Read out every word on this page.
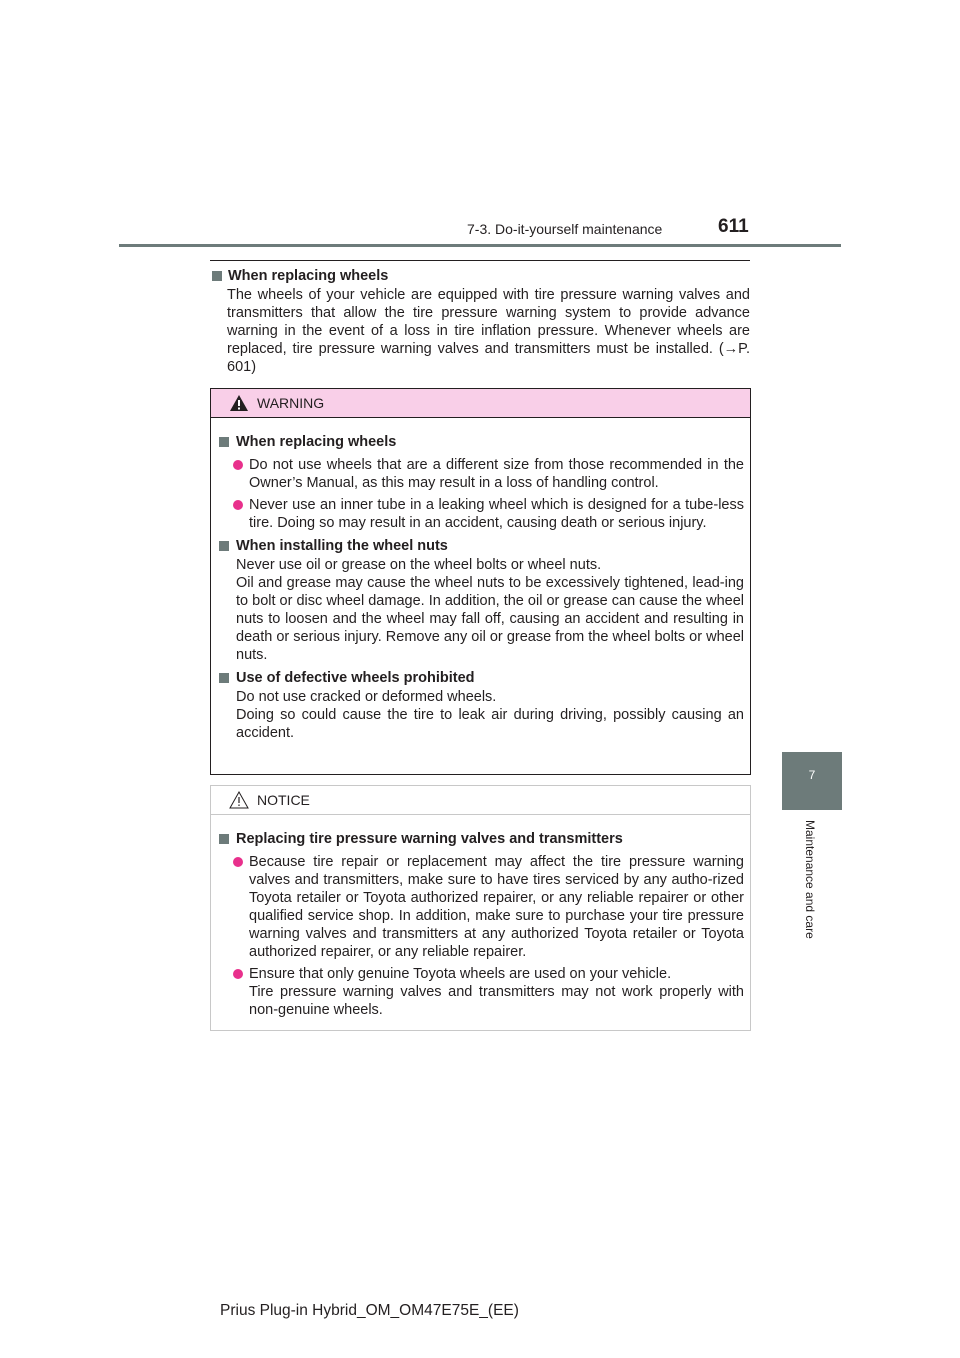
7-3. Do-it-yourself maintenance	611
7
Maintenance and care
When replacing wheels
The wheels of your vehicle are equipped with tire pressure warning valves and transmitters that allow the tire pressure warning system to provide advance warning in the event of a loss in tire inflation pressure. Whenever wheels are replaced, tire pressure warning valves and transmitters must be installed. (→P. 601)
WARNING
When replacing wheels
Do not use wheels that are a different size from those recommended in the Owner’s Manual, as this may result in a loss of handling control.
Never use an inner tube in a leaking wheel which is designed for a tube-less tire. Doing so may result in an accident, causing death or serious injury.
When installing the wheel nuts
Never use oil or grease on the wheel bolts or wheel nuts.
Oil and grease may cause the wheel nuts to be excessively tightened, lead-ing to bolt or disc wheel damage. In addition, the oil or grease can cause the wheel nuts to loosen and the wheel may fall off, causing an accident and resulting in death or serious injury. Remove any oil or grease from the wheel bolts or wheel nuts.
Use of defective wheels prohibited
Do not use cracked or deformed wheels.
Doing so could cause the tire to leak air during driving, possibly causing an accident.
NOTICE
Replacing tire pressure warning valves and transmitters
Because tire repair or replacement may affect the tire pressure warning valves and transmitters, make sure to have tires serviced by any autho-rized Toyota retailer or Toyota authorized repairer, or any reliable repairer or other qualified service shop. In addition, make sure to purchase your tire pressure warning valves and transmitters at any authorized Toyota retailer or Toyota authorized repairer, or any reliable repairer.
Ensure that only genuine Toyota wheels are used on your vehicle.
Tire pressure warning valves and transmitters may not work properly with non-genuine wheels.
Prius Plug-in Hybrid_OM_OM47E75E_(EE)
